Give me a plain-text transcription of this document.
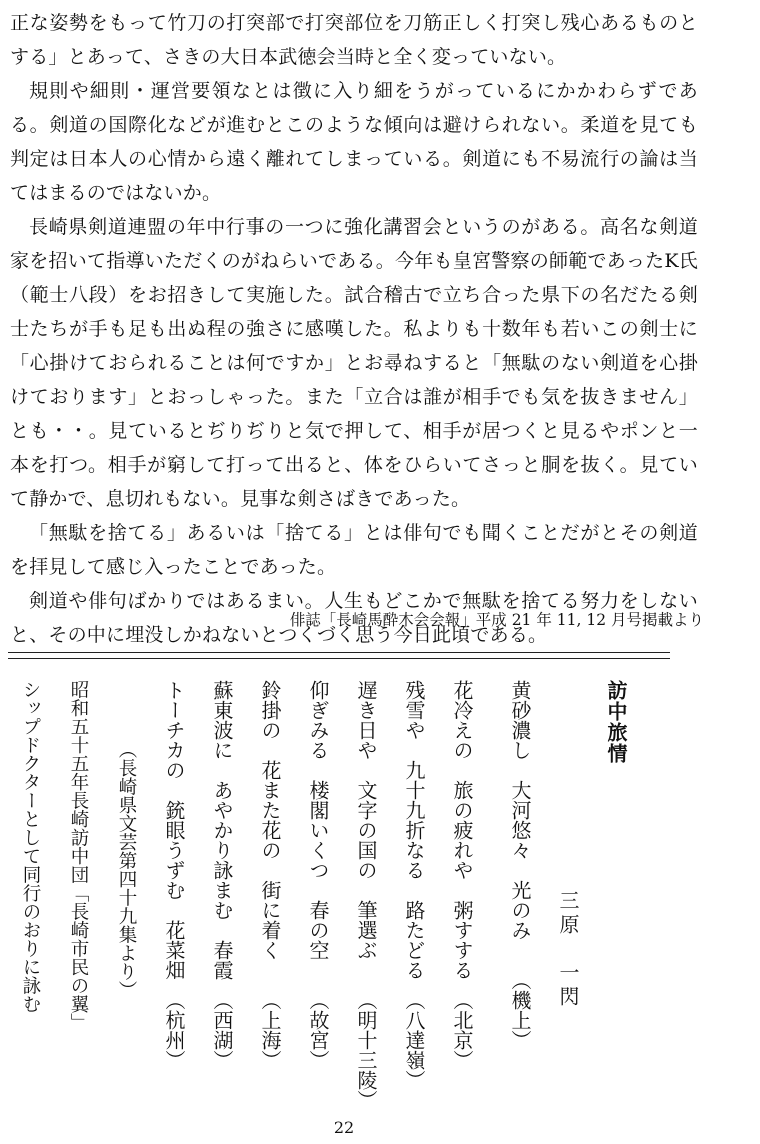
正な姿勢をもって竹刀の打突部で打突部位を刀筋正しく打突し残心あるものとする」とあって、さきの大日本武徳会当時と全く変っていない。

規則や細則・運営要領なとは徴に入り細をうがっているにかかわらずである。剣道の国際化などが進むとこのような傾向は避けられない。柔道を見ても判定は日本人の心情から遠く離れてしまっている。剣道にも不易流行の論は当てはまるのではないか。

長崎県剣道連盟の年中行事の一つに強化講習会というのがある。高名な剣道家を招いて指導いただくのがねらいである。今年も皇宮警察の師範であったK氏（範士八段）をお招きして実施した。試合稽古で立ち合った県下の名だたる剣士たちが手も足も出ぬ程の強さに感嘆した。私よりも十数年も若いこの剣士に「心掛けておられることは何ですか」とお尋ねすると「無駄のない剣道を心掛けております」とおっしゃった。また「立合は誰が相手でも気を抜きません」とも・・。見ているとぢりぢりと気で押して、相手が居つくと見るやポンと一本を打つ。相手が窮して打って出ると、体をひらいてさっと胴を抜く。見ていて静かで、息切れもない。見事な剣さばきであった。

「無駄を捨てる」あるいは「捨てる」とは俳句でも聞くことだがとその剣道を拝見して感じ入ったことであった。

剣道や俳句ばかりではあるまい。人生もどこかで無駄を捨てる努力をしないと、その中に埋没しかねないとつくづく思う今日此頃である。

俳誌「長崎馬酔木会会報」平成 21 年 11, 12 月号掲載より
訪中旅情
三原　一閃
黄砂濃し　大河悠々　光のみ　　（機上）
花冷えの　旅の疲れや　粥すする　（北京）
残雪や　九十九折なる　路たどる　（八達嶺）
遅き日や　文字の国の　筆選ぶ　　（明十三陵）
仰ぎみる　楼閣いくつ　春の空　　（故宮）
鈴掛の　花また花の　街に着く　　（上海）
蘇東波に　あやかり詠まむ　春霞　（西湖）
トーチカの　銃眼うずむ　花菜畑　（杭州）
（長崎県文芸第四十九集より）
昭和五十五年長崎訪中団「長崎市民の翼」
シップドクターとして同行のおりに詠む
22
